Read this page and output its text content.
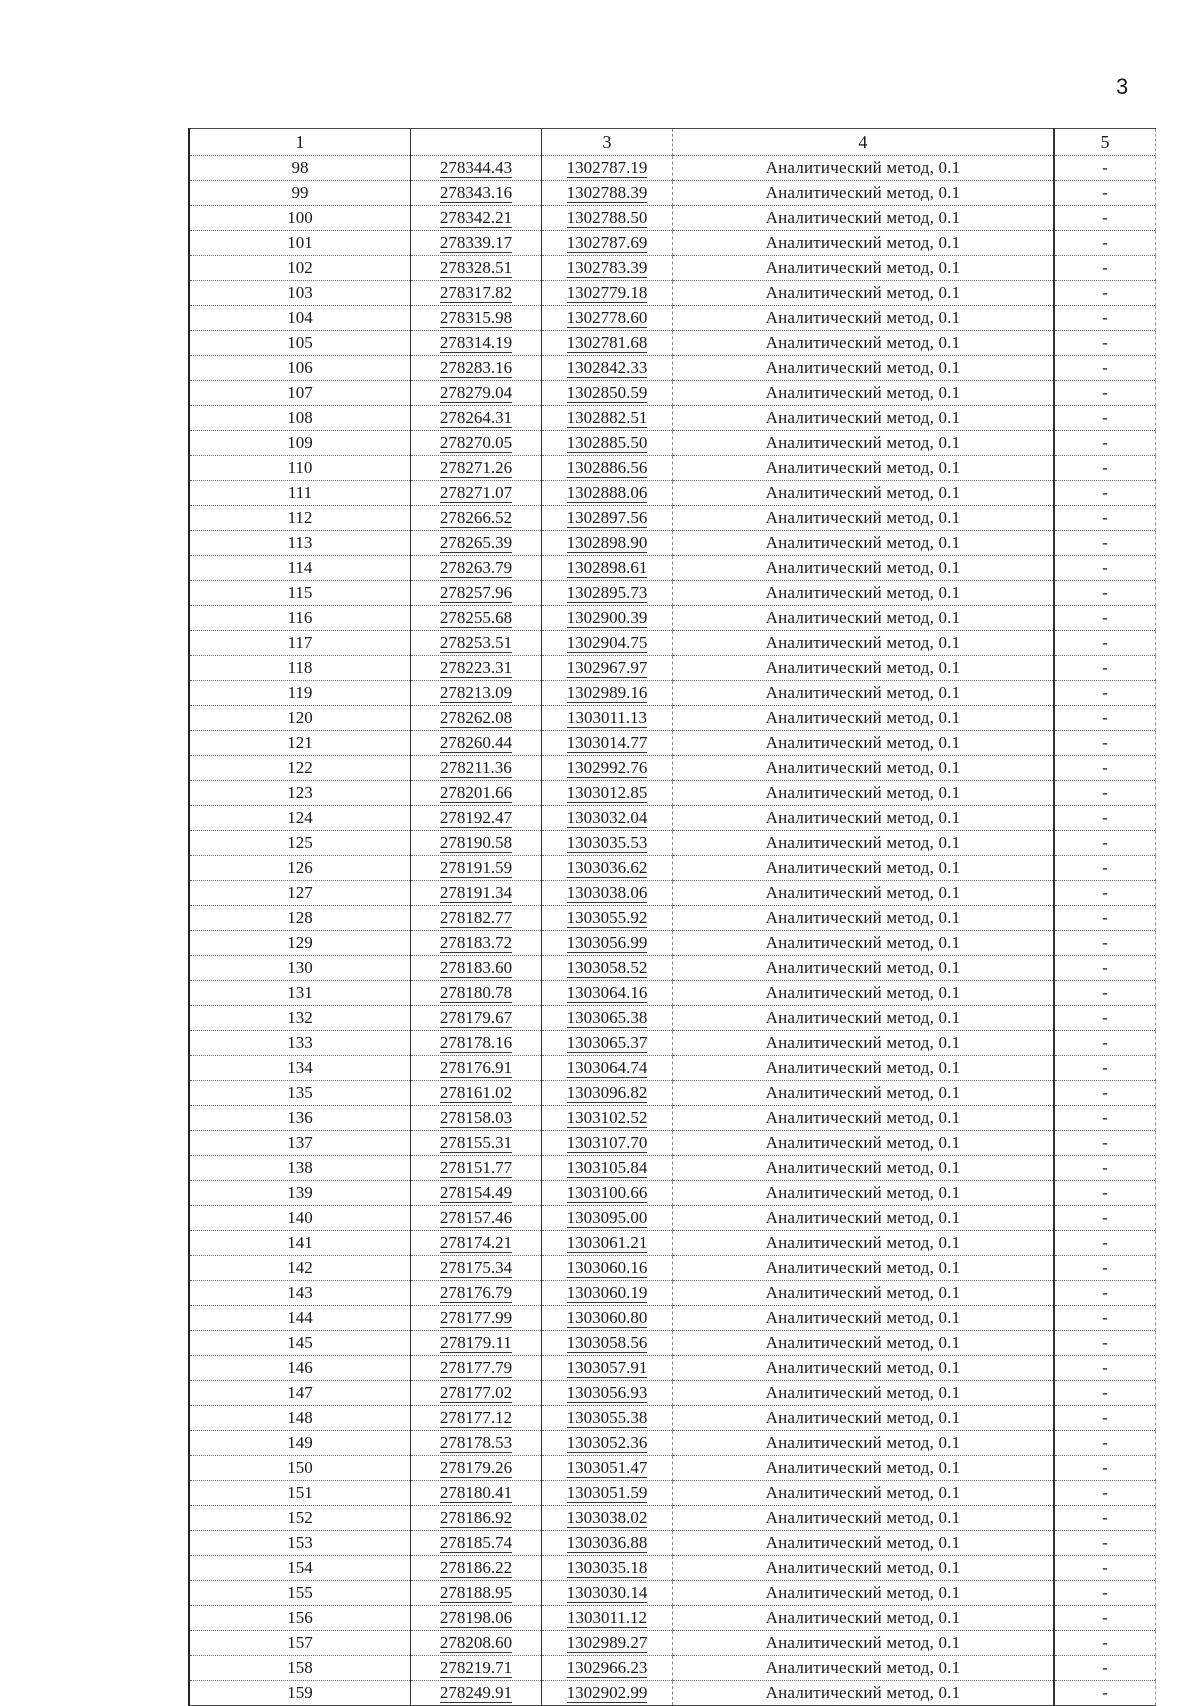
3
1		3	4	5
98	278344.43	1302787.19	Аналитический метод, 0.1	-
99	278343.16	1302788.39	Аналитический метод, 0.1	-
100	278342.21	1302788.50	Аналитический метод, 0.1	-
101	278339.17	1302787.69	Аналитический метод, 0.1	-
102	278328.51	1302783.39	Аналитический метод, 0.1	-
103	278317.82	1302779.18	Аналитический метод, 0.1	-
104	278315.98	1302778.60	Аналитический метод, 0.1	-
105	278314.19	1302781.68	Аналитический метод, 0.1	-
106	278283.16	1302842.33	Аналитический метод, 0.1	-
107	278279.04	1302850.59	Аналитический метод, 0.1	-
108	278264.31	1302882.51	Аналитический метод, 0.1	-
109	278270.05	1302885.50	Аналитический метод, 0.1	-
110	278271.26	1302886.56	Аналитический метод, 0.1	-
111	278271.07	1302888.06	Аналитический метод, 0.1	-
112	278266.52	1302897.56	Аналитический метод, 0.1	-
113	278265.39	1302898.90	Аналитический метод, 0.1	-
114	278263.79	1302898.61	Аналитический метод, 0.1	-
115	278257.96	1302895.73	Аналитический метод, 0.1	-
116	278255.68	1302900.39	Аналитический метод, 0.1	-
117	278253.51	1302904.75	Аналитический метод, 0.1	-
118	278223.31	1302967.97	Аналитический метод, 0.1	-
119	278213.09	1302989.16	Аналитический метод, 0.1	-
120	278262.08	1303011.13	Аналитический метод, 0.1	-
121	278260.44	1303014.77	Аналитический метод, 0.1	-
122	278211.36	1302992.76	Аналитический метод, 0.1	-
123	278201.66	1303012.85	Аналитический метод, 0.1	-
124	278192.47	1303032.04	Аналитический метод, 0.1	-
125	278190.58	1303035.53	Аналитический метод, 0.1	-
126	278191.59	1303036.62	Аналитический метод, 0.1	-
127	278191.34	1303038.06	Аналитический метод, 0.1	-
128	278182.77	1303055.92	Аналитический метод, 0.1	-
129	278183.72	1303056.99	Аналитический метод, 0.1	-
130	278183.60	1303058.52	Аналитический метод, 0.1	-
131	278180.78	1303064.16	Аналитический метод, 0.1	-
132	278179.67	1303065.38	Аналитический метод, 0.1	-
133	278178.16	1303065.37	Аналитический метод, 0.1	-
134	278176.91	1303064.74	Аналитический метод, 0.1	-
135	278161.02	1303096.82	Аналитический метод, 0.1	-
136	278158.03	1303102.52	Аналитический метод, 0.1	-
137	278155.31	1303107.70	Аналитический метод, 0.1	-
138	278151.77	1303105.84	Аналитический метод, 0.1	-
139	278154.49	1303100.66	Аналитический метод, 0.1	-
140	278157.46	1303095.00	Аналитический метод, 0.1	-
141	278174.21	1303061.21	Аналитический метод, 0.1	-
142	278175.34	1303060.16	Аналитический метод, 0.1	-
143	278176.79	1303060.19	Аналитический метод, 0.1	-
144	278177.99	1303060.80	Аналитический метод, 0.1	-
145	278179.11	1303058.56	Аналитический метод, 0.1	-
146	278177.79	1303057.91	Аналитический метод, 0.1	-
147	278177.02	1303056.93	Аналитический метод, 0.1	-
148	278177.12	1303055.38	Аналитический метод, 0.1	-
149	278178.53	1303052.36	Аналитический метод, 0.1	-
150	278179.26	1303051.47	Аналитический метод, 0.1	-
151	278180.41	1303051.59	Аналитический метод, 0.1	-
152	278186.92	1303038.02	Аналитический метод, 0.1	-
153	278185.74	1303036.88	Аналитический метод, 0.1	-
154	278186.22	1303035.18	Аналитический метод, 0.1	-
155	278188.95	1303030.14	Аналитический метод, 0.1	-
156	278198.06	1303011.12	Аналитический метод, 0.1	-
157	278208.60	1302989.27	Аналитический метод, 0.1	-
158	278219.71	1302966.23	Аналитический метод, 0.1	-
159	278249.91	1302902.99	Аналитический метод, 0.1	-
